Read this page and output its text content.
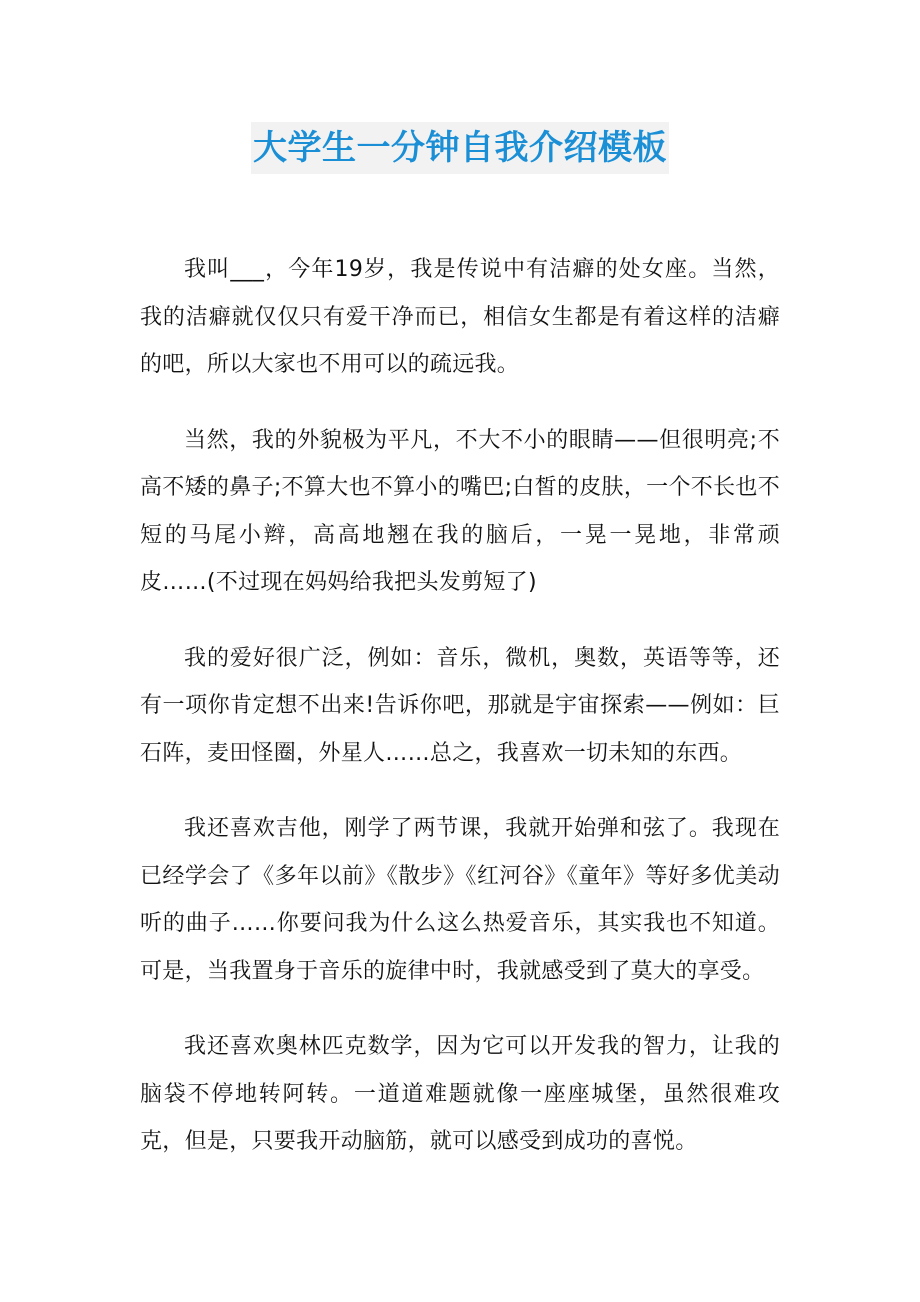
大学生一分钟自我介绍模板

我叫___，今年19岁，我是传说中有洁癖的处女座。当然，我的洁癖就仅仅只有爱干净而已，相信女生都是有着这样的洁癖的吧，所以大家也不用可以的疏远我。

当然，我的外貌极为平凡，不大不小的眼睛——但很明亮;不高不矮的鼻子;不算大也不算小的嘴巴;白皙的皮肤，一个不长也不短的马尾小辫，高高地翘在我的脑后，一晃一晃地，非常顽皮……(不过现在妈妈给我把头发剪短了)

我的爱好很广泛，例如：音乐，微机，奥数，英语等等，还有一项你肯定想不出来!告诉你吧，那就是宇宙探索——例如：巨石阵，麦田怪圈，外星人……总之，我喜欢一切未知的东西。

我还喜欢吉他，刚学了两节课，我就开始弹和弦了。我现在已经学会了《多年以前》《散步》《红河谷》《童年》等好多优美动听的曲子……你要问我为什么这么热爱音乐，其实我也不知道。可是，当我置身于音乐的旋律中时，我就感受到了莫大的享受。

我还喜欢奥林匹克数学，因为它可以开发我的智力，让我的脑袋不停地转阿转。一道道难题就像一座座城堡，虽然很难攻克，但是，只要我开动脑筋，就可以感受到成功的喜悦。
